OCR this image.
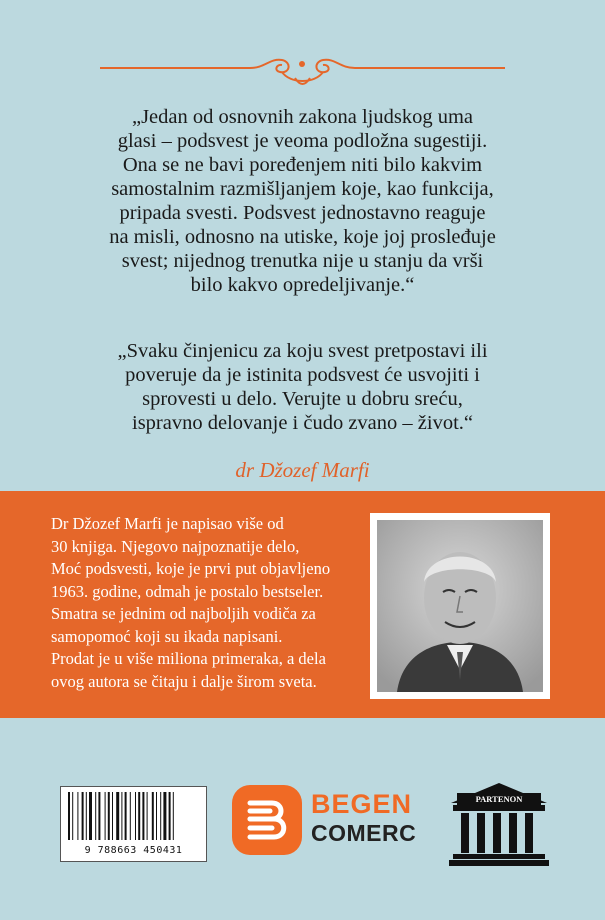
„Jedan od osnovnih zakona ljudskog uma
glasi – podsvest je veoma podložna sugestiji.
Ona se ne bavi poređenjem niti bilo kakvim
samostalnim razmišljanjem koje, kao funkcija,
pripada svesti. Podsvest jednostavno reaguje
na misli, odnosno na utiske, koje joj prosleđuje
svest; nijednog trenutka nije u stanju da vrši
bilo kakvo opredeljivanje.“
„Svaku činjenicu za koju svest pretpostavi ili
poveruje da je istinita podsvest će usvojiti i
sprovesti u delo. Verujte u dobru sreću,
ispravno delovanje i čudo zvano – život.“
dr Džozef Marfi
Dr Džozef Marfi je napisao više od
30 knjiga. Njegovo najpoznatije delo,
Moć podsvesti, koje je prvi put objavljeno
1963. godine, odmah je postalo bestseler.
Smatra se jednim od najboljih vodiča za
samopomoć koji su ikada napisani.
Prodat je u više miliona primeraka, a dela
ovog autora se čitaju i dalje širom sveta.
9 788663 450431
BEGEN
COMERC
PARTENON
